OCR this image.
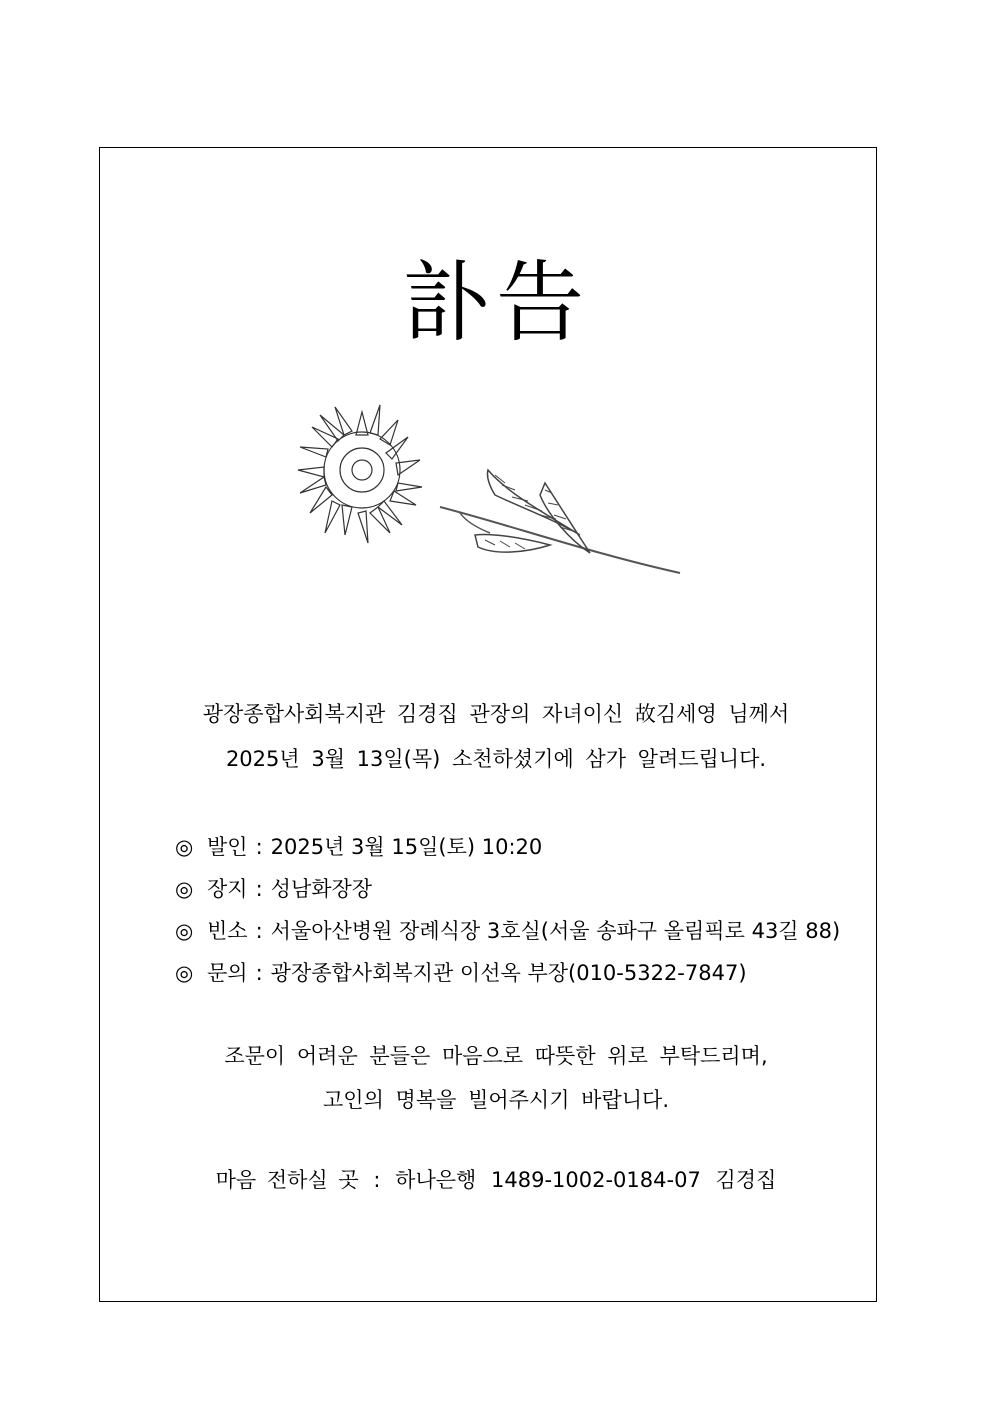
訃告

광장종합사회복지관 김경집 관장의 자녀이신 故김세영 님께서

2025년 3월 13일(목) 소천하셨기에 삼가 알려드립니다.

◎ 발인 : 2025년 3월 15일(토) 10:20
◎ 장지 : 성남화장장
◎ 빈소 : 서울아산병원 장례식장 3호실(서울 송파구 올림픽로 43길 88)
◎ 문의 : 광장종합사회복지관 이선옥 부장(010-5322-7847)

조문이 어려운 분들은 마음으로 따뜻한 위로 부탁드리며,

고인의 명복을 빌어주시기 바랍니다.

마음 전하실 곳 : 하나은행 1489-1002-0184-07 김경집
